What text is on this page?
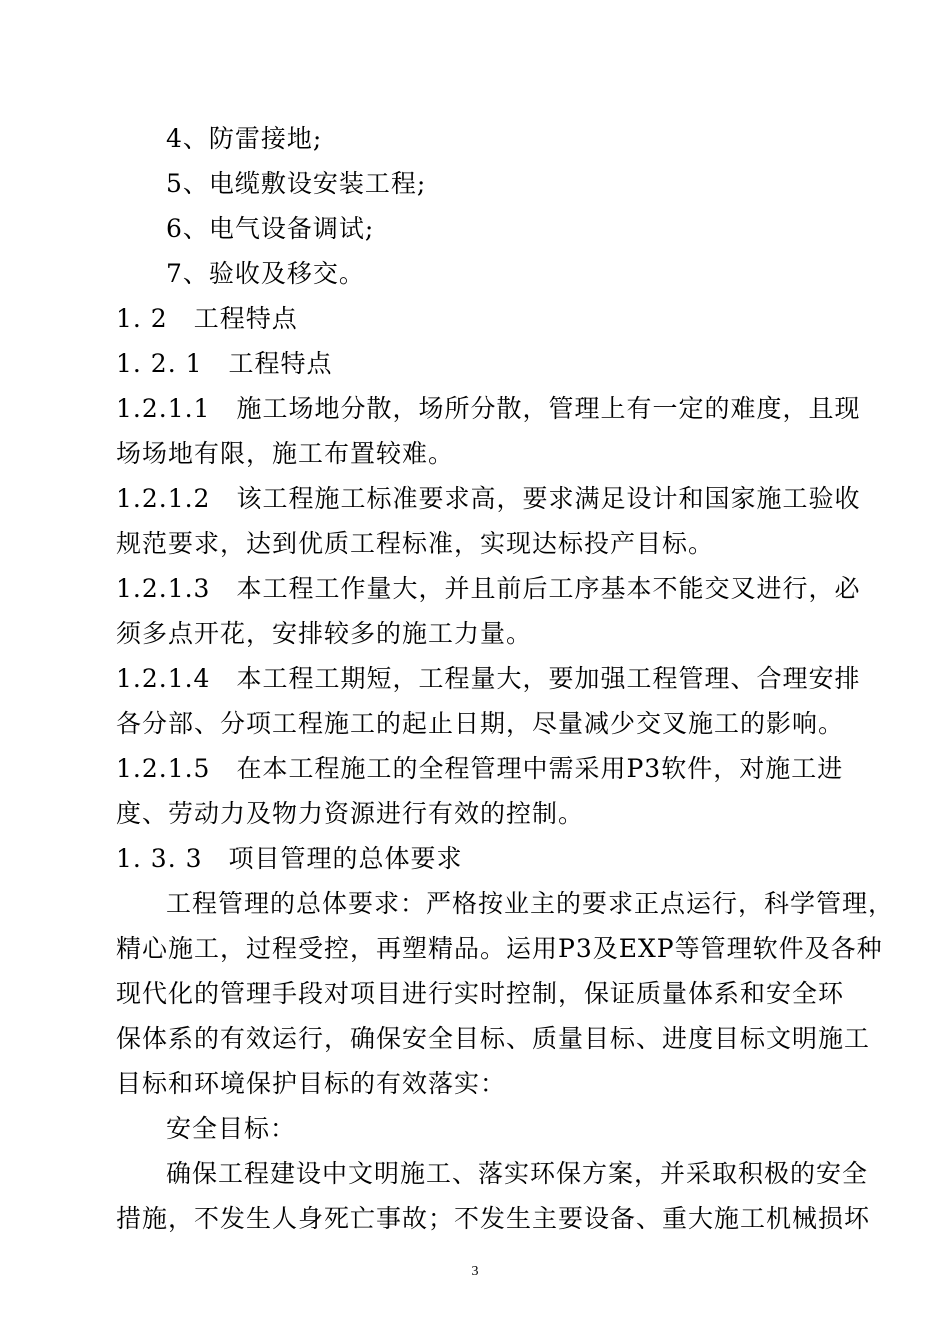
4、防雷接地;
5、电缆敷设安装工程;
6、电气设备调试;
7、验收及移交。
1. 2　工程特点
1. 2. 1　工程特点
1.2.1.1　施工场地分散，场所分散，管理上有一定的难度，且现
场场地有限，施工布置较难。
1.2.1.2　该工程施工标准要求高，要求满足设计和国家施工验收
规范要求，达到优质工程标准，实现达标投产目标。
1.2.1.3　本工程工作量大，并且前后工序基本不能交叉进行，必
须多点开花，安排较多的施工力量。
1.2.1.4　本工程工期短，工程量大，要加强工程管理、合理安排
各分部、分项工程施工的起止日期，尽量减少交叉施工的影响。
1.2.1.5　在本工程施工的全程管理中需采用P3软件，对施工进
度、劳动力及物力资源进行有效的控制。
1. 3. 3　项目管理的总体要求
工程管理的总体要求：严格按业主的要求正点运行，科学管理，
精心施工，过程受控，再塑精品。运用P3及EXP等管理软件及各种
现代化的管理手段对项目进行实时控制，保证质量体系和安全环
保体系的有效运行，确保安全目标、质量目标、进度目标文明施工
目标和环境保护目标的有效落实：
安全目标：
确保工程建设中文明施工、落实环保方案，并采取积极的安全
措施，不发生人身死亡事故；不发生主要设备、重大施工机械损坏
3
